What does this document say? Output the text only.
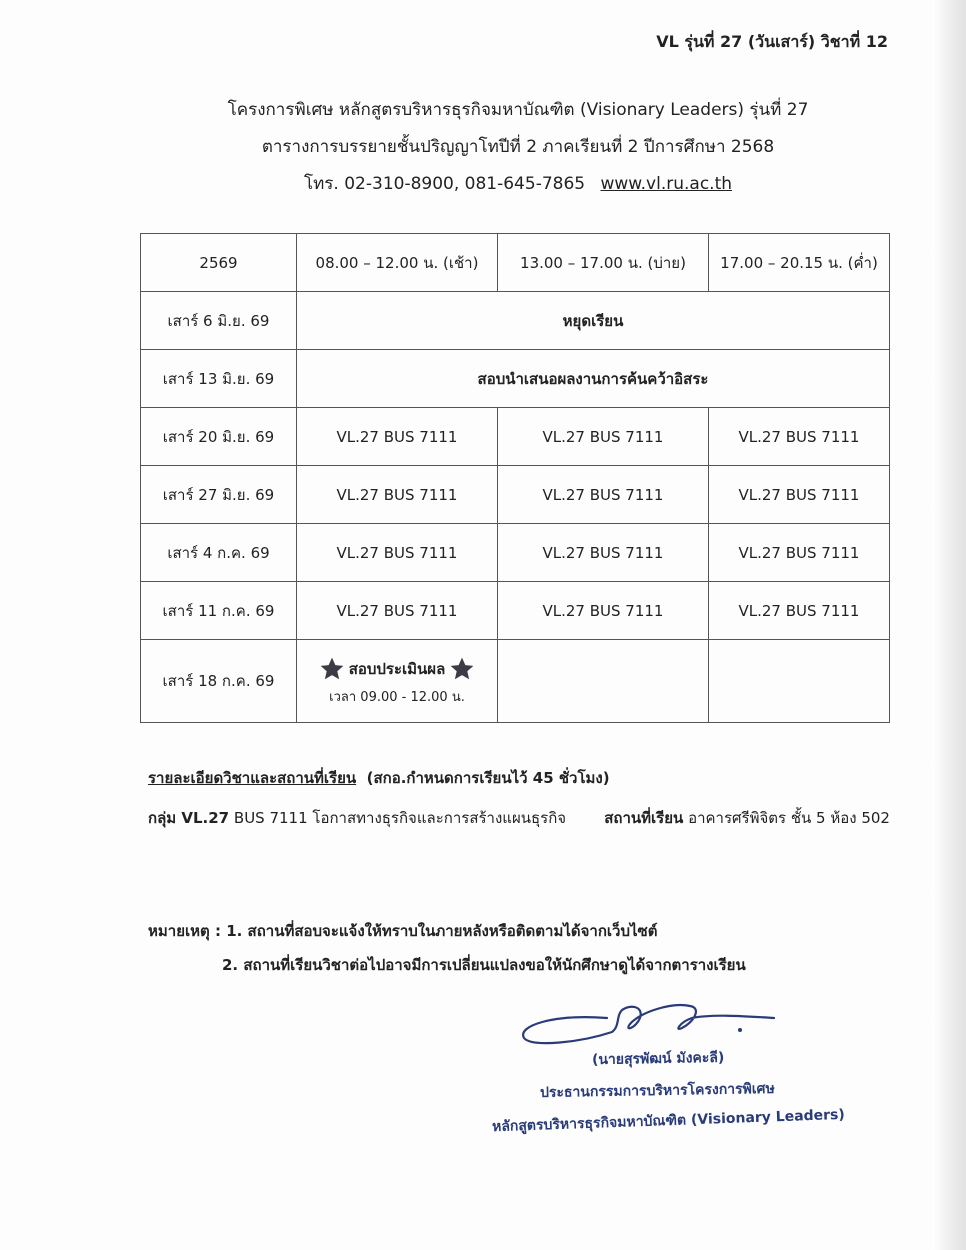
VL รุ่นที่ 27 (วันเสาร์) วิชาที่ 12
โครงการพิเศษ หลักสูตรบริหารธุรกิจมหาบัณฑิต (Visionary Leaders) รุ่นที่ 27
ตารางการบรรยายชั้นปริญญาโทปีที่ 2 ภาคเรียนที่ 2 ปีการศึกษา 2568
โทร. 02-310-8900, 081-645-7865 www.vl.ru.ac.th
2569	08.00 – 12.00 น. (เช้า)	13.00 – 17.00 น. (บ่าย)	17.00 – 20.15 น. (ค่ำ)
เสาร์ 6 มิ.ย. 69	หยุดเรียน		
เสาร์ 13 มิ.ย. 69	สอบนำเสนอผลงานการค้นคว้าอิสระ		
เสาร์ 20 มิ.ย. 69	VL.27 BUS 7111	VL.27 BUS 7111	VL.27 BUS 7111
เสาร์ 27 มิ.ย. 69	VL.27 BUS 7111	VL.27 BUS 7111	VL.27 BUS 7111
เสาร์ 4 ก.ค. 69	VL.27 BUS 7111	VL.27 BUS 7111	VL.27 BUS 7111
เสาร์ 11 ก.ค. 69	VL.27 BUS 7111	VL.27 BUS 7111	VL.27 BUS 7111
เสาร์ 18 ก.ค. 69	สอบประเมินผล
เวลา 09.00 - 12.00 น.		

รายละเอียดวิชาและสถานที่เรียน (สกอ.กำหนดการเรียนไว้ 45 ชั่วโมง)
กลุ่ม VL.27 BUS 7111 โอกาสทางธุรกิจและการสร้างแผนธุรกิจ	สถานที่เรียน อาคารศรีพิจิตร ชั้น 5 ห้อง 502
หมายเหตุ : 1. สถานที่สอบจะแจ้งให้ทราบในภายหลังหรือติดตามได้จากเว็บไซต์
2. สถานที่เรียนวิชาต่อไปอาจมีการเปลี่ยนแปลงขอให้นักศึกษาดูได้จากตารางเรียน
(นายสุรพัฒน์ มังคะลี)
ประธานกรรมการบริหารโครงการพิเศษ
หลักสูตรบริหารธุรกิจมหาบัณฑิต (Visionary Leaders)
